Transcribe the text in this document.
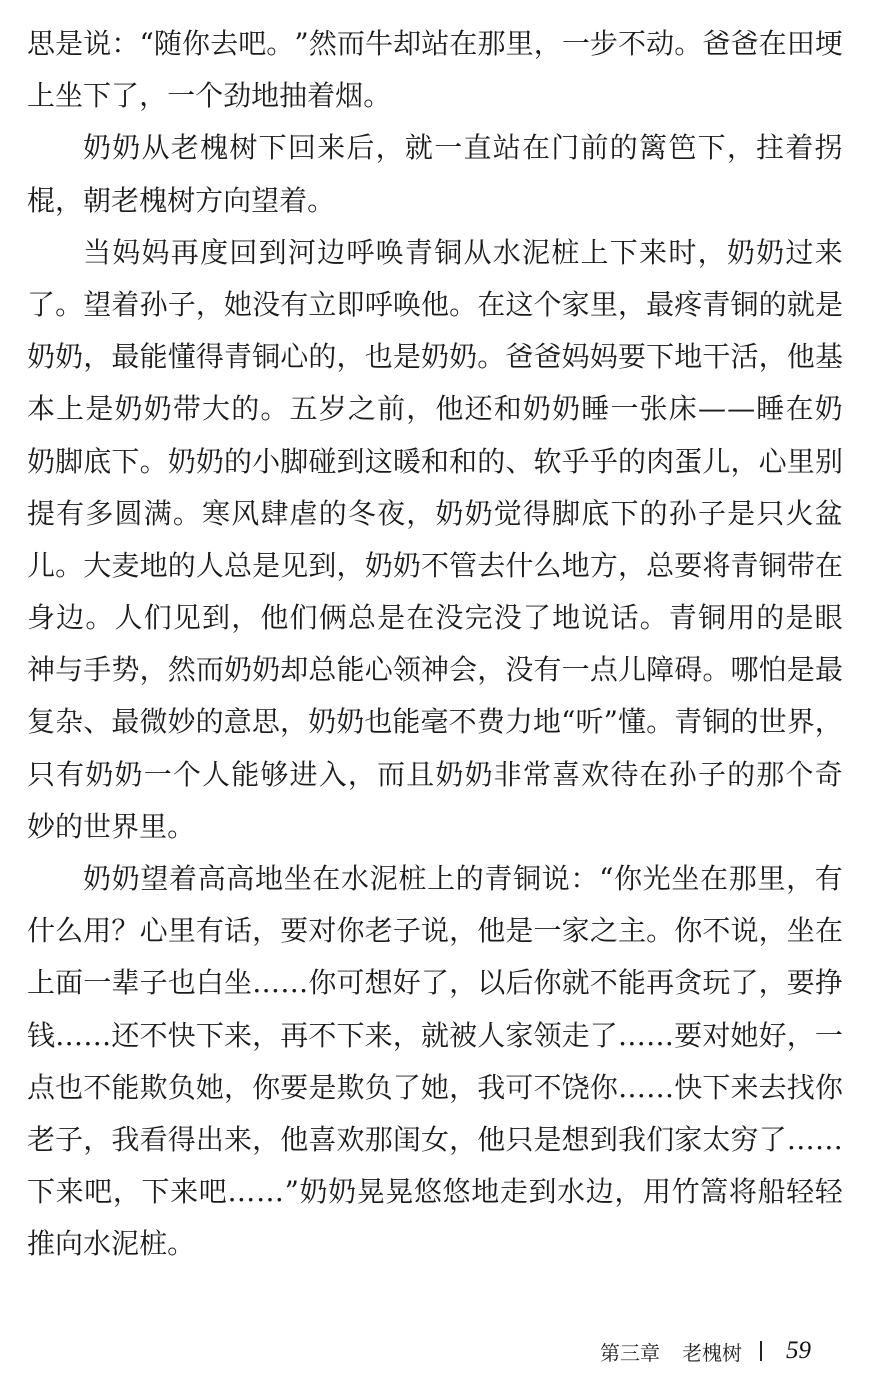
思 是 说 ： “ 随 你 去 吧 。 ” 然 而 牛 却 站 在 那 里 ， 一 步 不 动 。 爸 爸 在 田 埂
上 坐 下 了 ， 一 个 劲 地 抽 着 烟 。
奶 奶 从 老 槐 树 下 回 来 后 ， 就 一 直 站 在 门 前 的 篱 笆 下 ， 拄 着 拐
棍 ， 朝 老 槐 树 方 向 望 着 。
当 妈 妈 再 度 回 到 河 边 呼 唤 青 铜 从 水 泥 桩 上 下 来 时 ， 奶 奶 过 来
了 。 望 着 孙 子 ， 她 没 有 立 即 呼 唤 他 。 在 这 个 家 里 ， 最 疼 青 铜 的 就 是
奶 奶 ， 最 能 懂 得 青 铜 心 的 ， 也 是 奶 奶 。 爸 爸 妈 妈 要 下 地 干 活 ， 他 基
本 上 是 奶 奶 带 大 的 。 五 岁 之 前 ， 他 还 和 奶 奶 睡 一 张 床 — — 睡 在 奶
奶 脚 底 下 。 奶 奶 的 小 脚 碰 到 这 暖 和 和 的 、 软 乎 乎 的 肉 蛋 儿 ， 心 里 别
提 有 多 圆 满 。 寒 风 肆 虐 的 冬 夜 ， 奶 奶 觉 得 脚 底 下 的 孙 子 是 只 火 盆
儿 。 大 麦 地 的 人 总 是 见 到 ， 奶 奶 不 管 去 什 么 地 方 ， 总 要 将 青 铜 带 在
身 边 。 人 们 见 到 ， 他 们 俩 总 是 在 没 完 没 了 地 说 话 。 青 铜 用 的 是 眼
神 与 手 势 ， 然 而 奶 奶 却 总 能 心 领 神 会 ， 没 有 一 点 儿 障 碍 。 哪 怕 是 最
复 杂 、 最 微 妙 的 意 思 ， 奶 奶 也 能 毫 不 费 力 地 “ 听 ” 懂 。 青 铜 的 世 界 ，
只 有 奶 奶 一 个 人 能 够 进 入 ， 而 且 奶 奶 非 常 喜 欢 待 在 孙 子 的 那 个 奇
妙 的 世 界 里 。
奶 奶 望 着 高 高 地 坐 在 水 泥 桩 上 的 青 铜 说 ： “ 你 光 坐 在 那 里 ， 有
什 么 用 ？ 心 里 有 话 ， 要 对 你 老 子 说 ， 他 是 一 家 之 主 。 你 不 说 ， 坐 在
上 面 一 辈 子 也 白 坐 … … 你 可 想 好 了 ， 以 后 你 就 不 能 再 贪 玩 了 ， 要 挣
钱 … … 还 不 快 下 来 ， 再 不 下 来 ， 就 被 人 家 领 走 了 … … 要 对 她 好 ， 一
点 也 不 能 欺 负 她 ， 你 要 是 欺 负 了 她 ， 我 可 不 饶 你 … … 快 下 来 去 找 你
老 子 ， 我 看 得 出 来 ， 他 喜 欢 那 闺 女 ， 他 只 是 想 到 我 们 家 太 穷 了 … …
下 来 吧 ， 下 来 吧 … … ” 奶 奶 晃 晃 悠 悠 地 走 到 水 边 ， 用 竹 篙 将 船 轻 轻
推 向 水 泥 桩 。
第三章 老槐树 59
